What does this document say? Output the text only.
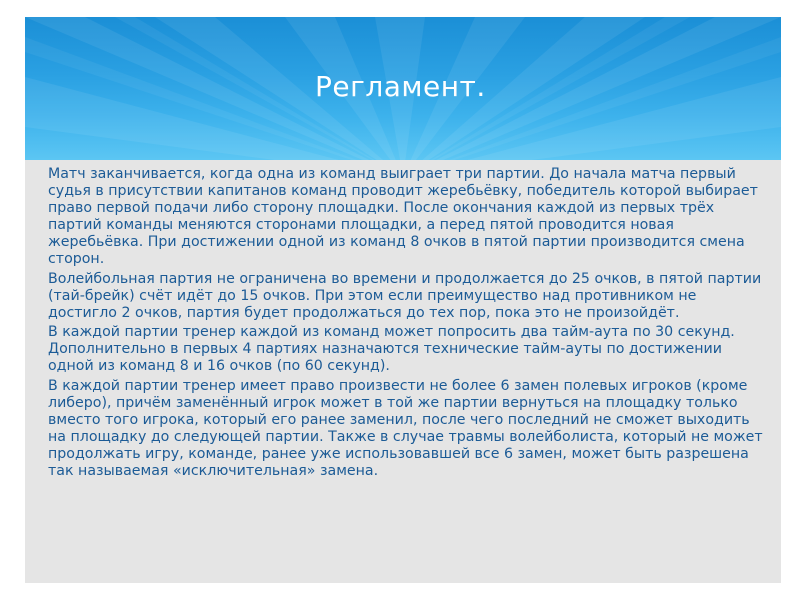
Регламент.

Матч заканчивается, когда одна из команд выиграет три партии. До начала матча первый судья в присутствии капитанов команд проводит жеребьёвку, победитель которой выбирает право первой подачи либо сторону площадки. После окончания каждой из первых трёх партий команды меняются сторонами площадки, а перед пятой проводится новая жеребьёвка. При достижении одной из команд 8 очков в пятой партии производится смена сторон.

Волейбольная партия не ограничена во времени и продолжается до 25 очков, в пятой партии (тай-брейк) счёт идёт до 15 очков. При этом если преимущество над противником не достигло 2 очков, партия будет продолжаться до тех пор, пока это не произойдёт.

В каждой партии тренер каждой из команд может попросить два тайм-аута по 30 секунд. Дополнительно в первых 4 партиях назначаются технические тайм-ауты по достижении одной из команд 8 и 16 очков (по 60 секунд).

В каждой партии тренер имеет право произвести не более 6 замен полевых игроков (кроме либеро), причём заменённый игрок может в той же партии вернуться на площадку только вместо того игрока, который его ранее заменил, после чего последний не сможет выходить на площадку до следующей партии. Также в случае травмы волейболиста, который не может продолжать игру, команде, ранее уже использовавшей все 6 замен, может быть разрешена так называемая «исключительная» замена.
